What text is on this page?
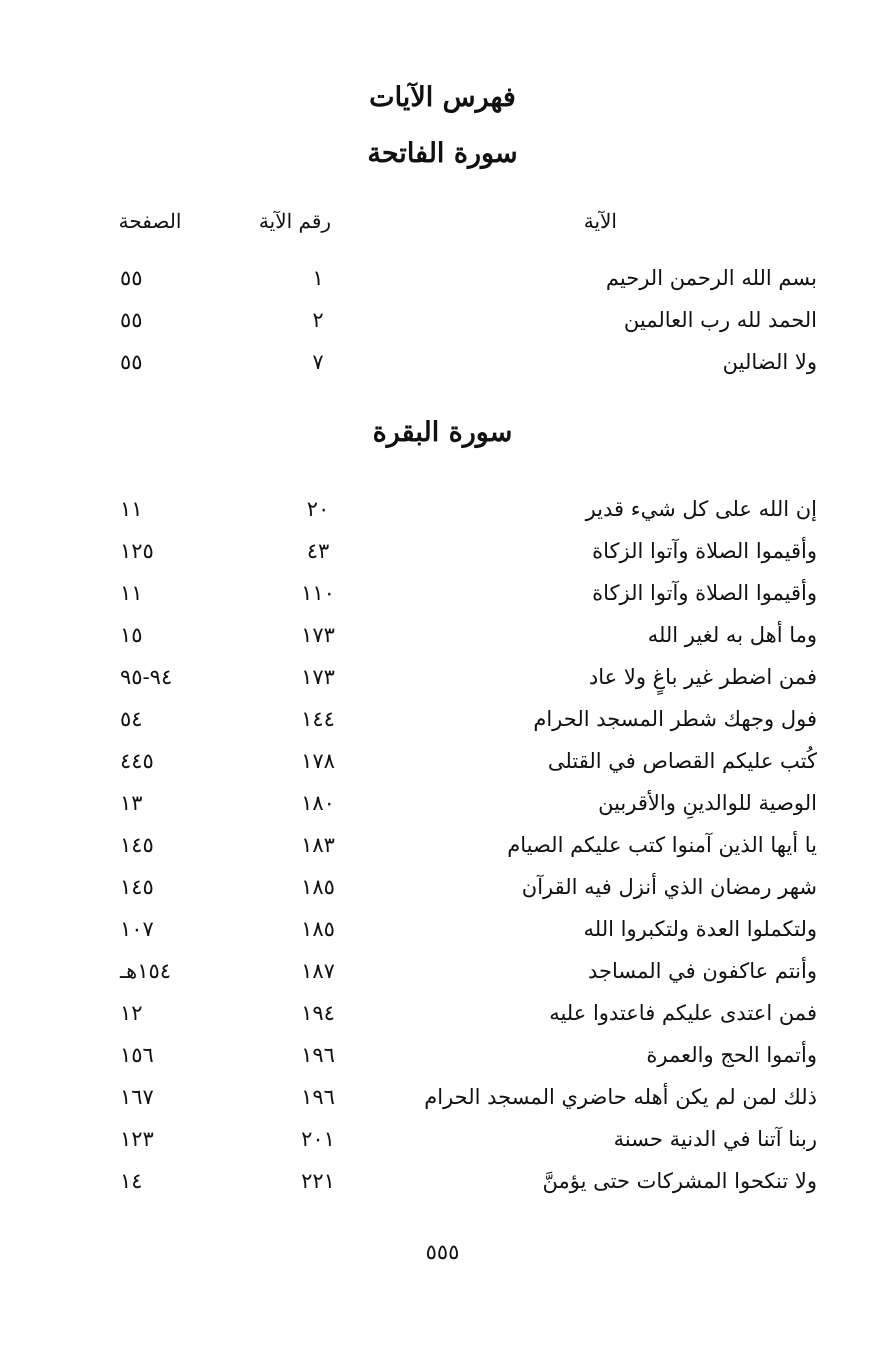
فهرس الآيات
سورة الفاتحة
الآية
رقم الآية
الصفحة
بسم الله الرحمن الرحيم
١
٥٥
الحمد لله رب العالمين
٢
٥٥
ولا الضالين
٧
٥٥
سورة البقرة
إن الله على كل شيء قدير
٢٠
١١
وأقيموا الصلاة وآتوا الزكاة
٤٣
١٢٥
وأقيموا الصلاة وآتوا الزكاة
١١٠
١١
وما أهل به لغير الله
١٧٣
١٥
فمن اضطر غير باغٍ ولا عاد
١٧٣
٩٤-٩٥
فول وجهك شطر المسجد الحرام
١٤٤
٥٤
كُتب عليكم القصاص في القتلى
١٧٨
٤٤٥
الوصية للوالدينِ والأقربين
١٨٠
١٣
يا أيها الذين آمنوا كتب عليكم الصيام
١٨٣
١٤٥
شهر رمضان الذي أنزل فيه القرآن
١٨٥
١٤٥
ولتكملوا العدة ولتكبروا الله
١٨٥
١٠٧
وأنتم عاكفون في المساجد
١٨٧
١٥٤هـ
فمن اعتدى عليكم فاعتدوا عليه
١٩٤
١٢
وأتموا الحج والعمرة
١٩٦
١٥٦
ذلك لمن لم يكن أهله حاضري المسجد الحرام
١٩٦
١٦٧
ربنا آتنا في الدنية حسنة
٢٠١
١٢٣
ولا تنكحوا المشركات حتى يؤمنَّ
٢٢١
١٤
٥٥٥
